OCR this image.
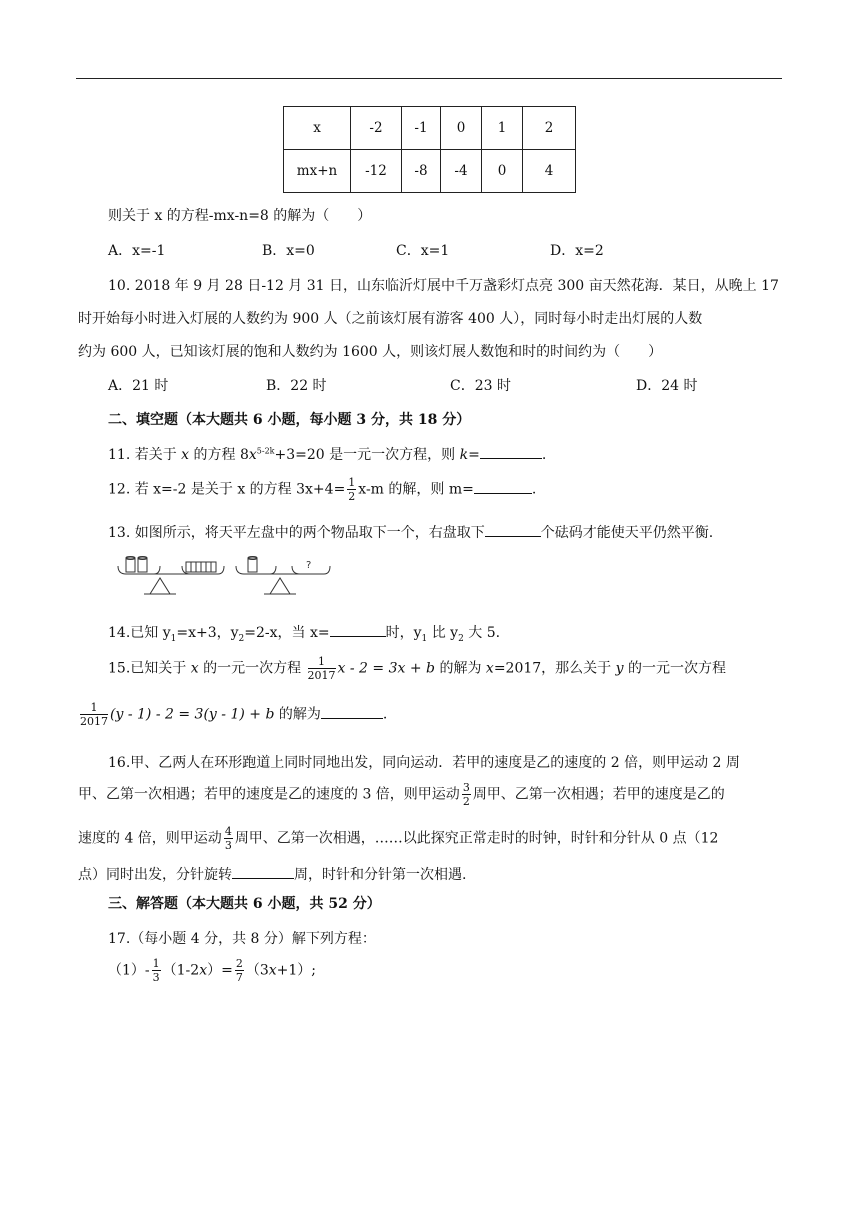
x	-2	-1	0	1	2
mx+n	-12	-8	-4	0	4
则关于 x 的方程-mx-n=8 的解为（　　）
A．x=-1	B．x=0	C．x=1	D．x=2
10. 2018 年 9 月 28 日-12 月 31 日，山东临沂灯展中千万盏彩灯点亮 300 亩天然花海．某日，从晚上 17
时开始每小时进入灯展的人数约为 900 人（之前该灯展有游客 400 人），同时每小时走出灯展的人数
约为 600 人，已知该灯展的饱和人数约为 1600 人，则该灯展人数饱和时的时间约为（　　）
A．21 时	B．22 时	C．23 时	D．24 时
二、填空题（本大题共 6 小题，每小题 3 分，共 18 分）
11. 若关于 x 的方程 $8x^{5-2k}+3=20$ 是一元一次方程，则 k=	.
12. 若 x=-2 是关于 x 的方程 $3x+4= \frac{1}{2} x-m$ 的解，则 m=	.
13. 如图所示，将天平左盘中的两个物品取下一个，右盘取下	个砝码才能使天平仍然平衡.
?
14.已知 $y_1=x+3$，$y_2=2-x$，当 x=	时，$y_1$ 比 $y_2$ 大 5.
15.已知关于 x 的一元一次方程 $\frac{1}{2017}$ x - 2 = 3x + b 的解为 x=2017，那么关于 y 的一元一次方程
$\frac{1}{2017} (y - 1) - 2 = 3(y - 1) + b$ 的解为	.
16.甲、乙两人在环形跑道上同时同地出发，同向运动．若甲的速度是乙的速度的 2 倍，则甲运动 2 周
甲、乙第一次相遇；若甲的速度是乙的速度的 3 倍，则甲运动 $\frac{3}{2}$ 周甲、乙第一次相遇；若甲的速度是乙的
速度的 4 倍，则甲运动 $\frac{4}{3}$ 周甲、乙第一次相遇，……以此探究正常走时的时钟，时针和分针从 0 点（12
点）同时出发，分针旋转	周，时针和分针第一次相遇.
三、解答题（本大题共 6 小题，共 52 分）
17.（每小题 4 分，共 8 分）解下列方程：
$(1)- \frac{1}{3} (1-2x)= \frac{2}{7} (3x+1)$;
